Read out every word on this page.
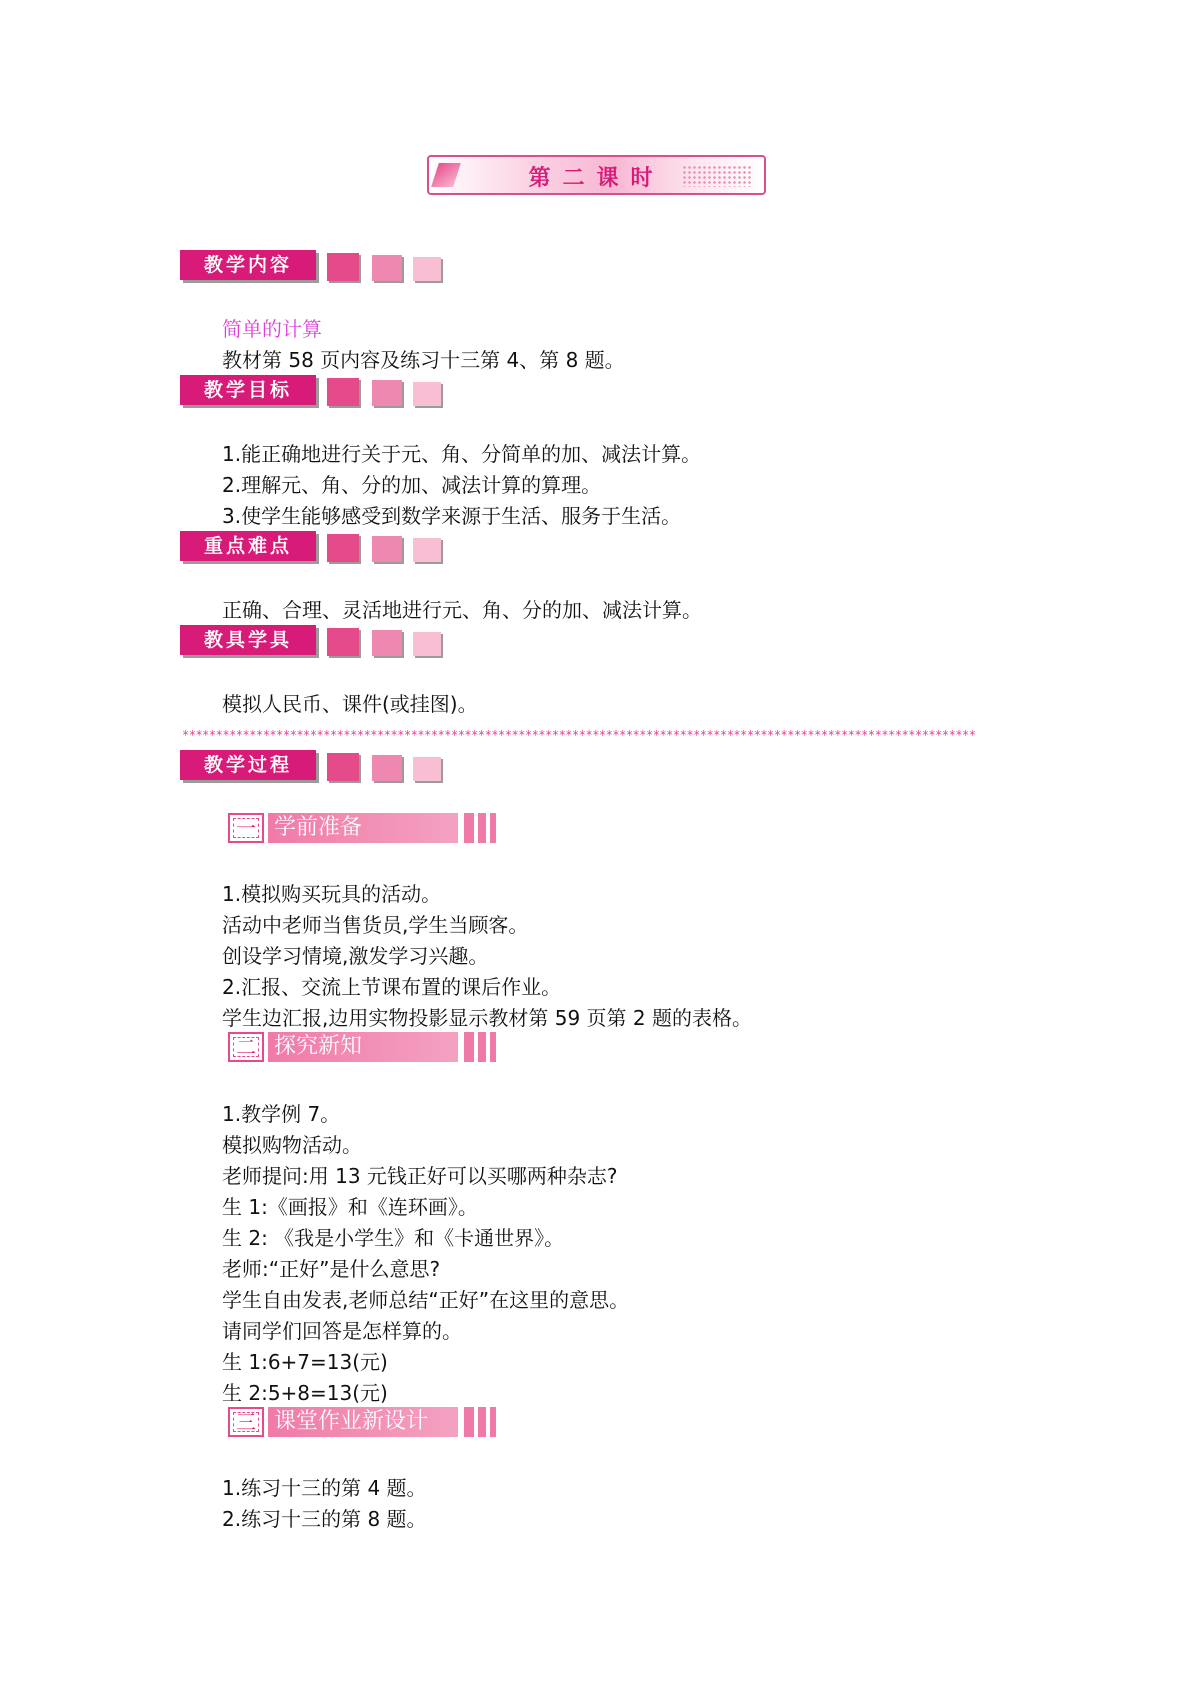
第二课时
教学内容
简单的计算
教材第 58 页内容及练习十三第 4、第 8 题。
教学目标
1.能正确地进行关于元、角、分简单的加、减法计算。
2.理解元、角、分的加、减法计算的算理。
3.使学生能够感受到数学来源于生活、服务于生活。
重点难点
正确、合理、灵活地进行元、角、分的加、减法计算。
教具学具
模拟人民币、课件(或挂图)。
**********************************************************************************************************************
教学过程
一 学前准备
1.模拟购买玩具的活动。
活动中老师当售货员,学生当顾客。
创设学习情境,激发学习兴趣。
2.汇报、交流上节课布置的课后作业。
学生边汇报,边用实物投影显示教材第 59 页第 2 题的表格。
二 探究新知
1.教学例 7。
模拟购物活动。
老师提问:用 13 元钱正好可以买哪两种杂志?
生 1:《画报》和《连环画》。
生 2: 《我是小学生》和《卡通世界》。
老师:“正好”是什么意思?
学生自由发表,老师总结“正好”在这里的意思。
请同学们回答是怎样算的。
生 1:6+7=13(元)
生 2:5+8=13(元)
三 课堂作业新设计
1.练习十三的第 4 题。
2.练习十三的第 8 题。
